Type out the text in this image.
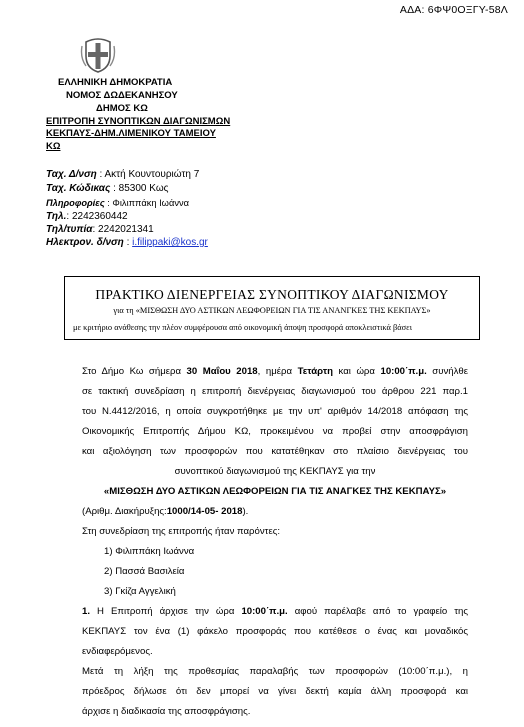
ΑΔΑ: 6ΦΨ0ΟΞΓΥ-58Λ
ΕΛΛΗΝΙΚΗ ΔΗΜΟΚΡΑΤΙΑ
ΝΟΜΟΣ ΔΩΔΕΚΑΝΗΣΟΥ
ΔΗΜΟΣ ΚΩ
ΕΠΙΤΡΟΠΗ ΣΥΝΟΠΤΙΚΩΝ ΔΙΑΓΩΝΙΣΜΩΝ
ΚΕΚΠΑΥΣ-ΔΗΜ.ΛΙΜΕΝΙΚΟΥ ΤΑΜΕΙΟΥ
ΚΩ
Ταχ. Δ/νση : Ακτή Κουντουριώτη 7
Ταχ. Κώδικας : 85300 Κως
Πληροφορίες : Φιλιππάκη Ιωάννα
Τηλ.: 2242360442
Τηλ/τυπία: 2242021341
Ηλεκτρον. δ/νση : i.filippaki@kos.gr
ΠΡΑΚΤΙΚΟ ΔΙΕΝΕΡΓΕΙΑΣ ΣΥΝΟΠΤΙΚΟΥ ΔΙΑΓΩΝΙΣΜΟΥ
για τη «ΜΙΣΘΩΣΗ ΔΥΟ ΑΣΤΙΚΩΝ ΛΕΩΦΟΡΕΙΩΝ ΓΙΑ ΤΙΣ ΑΝΑΝΓΚΕΣ ΤΗΣ ΚΕΚΠΑΥΣ»
με κριτήριο ανάθεσης την πλέον συμφέρουσα από οικονομική άποψη προσφορά αποκλειστικά βάσει

Στο Δήμο Κω σήμερα 30 Μαΐου 2018, ημέρα Τετάρτη και ώρα 10:00΄π.μ. συνήλθε

σε τακτική συνεδρίαση η επιτροπή διενέργειας διαγωνισμού του άρθρου 221 παρ.1

του Ν.4412/2016, η οποία συγκροτήθηκε με την υπ' αριθμόν 14/2018 απόφαση της

Οικονομικής Επιτροπής Δήμου ΚΩ, προκειμένου να προβεί στην αποσφράγιση

και αξιολόγηση των προσφορών που κατατέθηκαν στο πλαίσιο διενέργειας του

συνοπτικού διαγωνισμού της ΚΕΚΠΑΥΣ για την

«ΜΙΣΘΩΣΗ ΔΥΟ ΑΣΤΙΚΩΝ ΛΕΩΦΟΡΕΙΩΝ ΓΙΑ ΤΙΣ ΑΝΑΓΚΕΣ ΤΗΣ ΚΕΚΠΑΥΣ»

(Αριθμ. Διακήρυξης:1000/14-05- 2018).

Στη συνεδρίαση της επιτροπής ήταν παρόντες:

1) Φιλιππάκη Ιωάννα

2) Πασσά Βασιλεία

3) Γκίζα Αγγελική

1. Η Επιτροπή άρχισε την ώρα 10:00΄π.μ. αφού παρέλαβε από το γραφείο της

ΚΕΚΠΑΥΣ τον ένα (1) φάκελο προσφοράς που κατέθεσε ο ένας και μοναδικός

ενδιαφερόμενος.

Μετά τη λήξη της προθεσμίας παραλαβής των προσφορών (10:00΄π.μ.), η

πρόεδρος δήλωσε ότι δεν μπορεί να γίνει δεκτή καμία άλλη προσφορά και

άρχισε η διαδικασία της αποσφράγισης.
